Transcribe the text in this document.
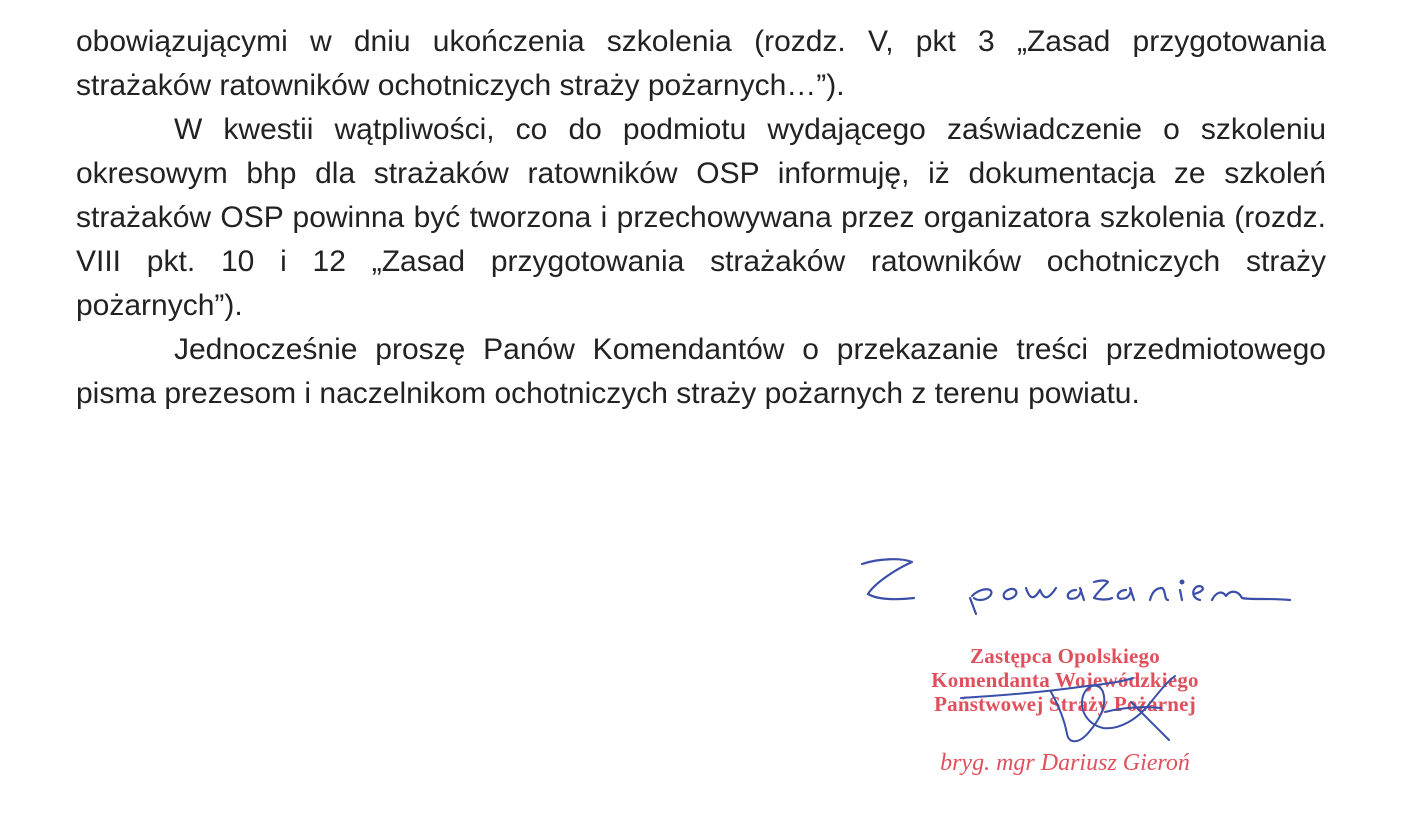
obowiązującymi w dniu ukończenia szkolenia (rozdz. V, pkt 3 „Zasad przygotowania strażaków ratowników ochotniczych straży pożarnych…”).

W kwestii wątpliwości, co do podmiotu wydającego zaświadczenie o szkoleniu okresowym bhp dla strażaków ratowników OSP informuję, iż dokumentacja ze szkoleń strażaków OSP powinna być tworzona i przechowywana przez organizatora szkolenia (rozdz. VIII pkt. 10 i 12 „Zasad przygotowania strażaków ratowników ochotniczych straży pożarnych”).

Jednocześnie proszę Panów Komendantów o przekazanie treści przedmiotowego pisma prezesom i naczelnikom ochotniczych straży pożarnych z terenu powiatu.

Zastępca Opolskiego
Komendanta Wojewódzkiego
Państwowej Straży Pożarnej
bryg. mgr Dariusz Gieroń
